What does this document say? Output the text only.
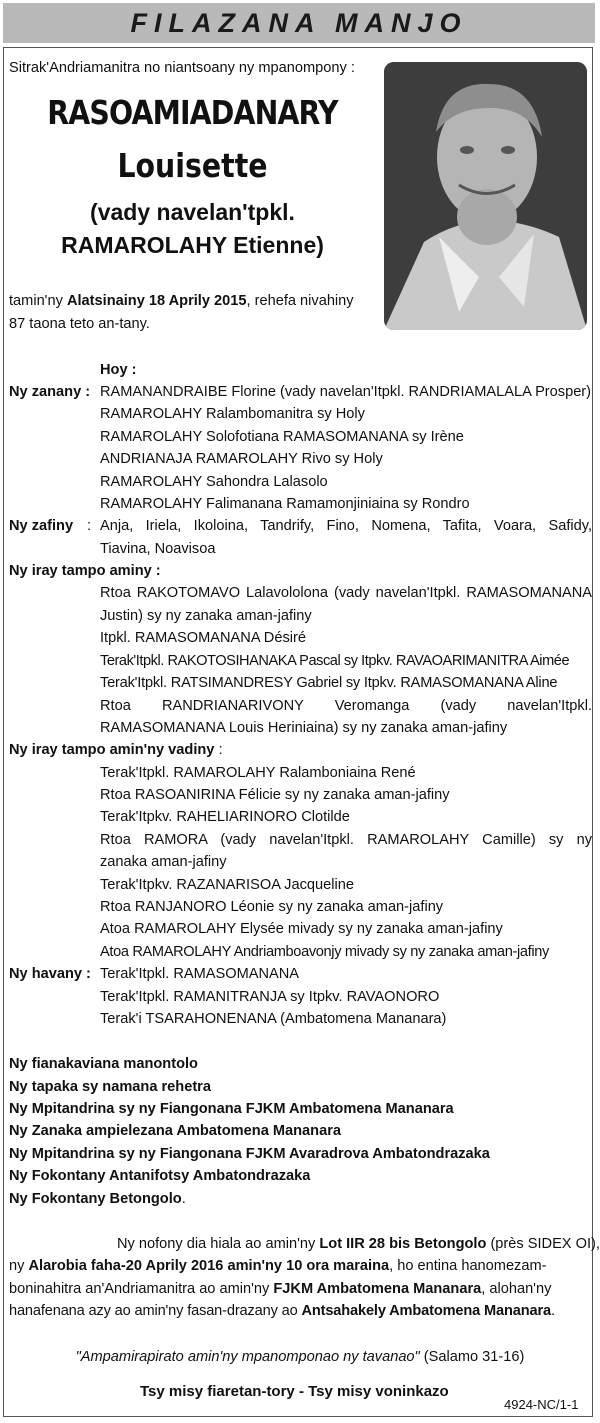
FILAZANA MANJO
Sitrak'Andriamanitra no niantsoany ny mpanompony :
RASOAMIADANARY
Louisette
(vady navelan'tpkl.
RAMAROLAHY Etienne)
tamin'ny Alatsinainy 18 Aprily 2015, rehefa nivahiny
87 taona teto an-tany.
Hoy :
Ny zanany : RAMANANDRAIBE Florine (vady navelan'Itpkl. RANDRIAMALALA Prosper)
RAMAROLAHY Ralambomanitra sy Holy
RAMAROLAHY Solofotiana RAMASOMANANA sy Irène
ANDRIANAJA RAMAROLAHY Rivo sy Holy
RAMAROLAHY Sahondra Lalasolo
RAMAROLAHY Falimanana Ramamonjiniaina sy Rondro
Ny zafiny : Anja, Iriela, Ikoloina, Tandrify, Fino, Nomena, Tafita, Voara, Safidy,
Tiavina, Noavisoa
Ny iray tampo aminy :
Rtoa RAKOTOMAVO Lalavololona (vady navelan'Itpkl. RAMASOMANANA
Justin) sy ny zanaka aman-jafiny
Itpkl. RAMASOMANANA Désiré
Terak'Itpkl. RAKOTOSIHANAKA Pascal sy Itpkv. RAVAOARIMANITRA Aimée
Terak'Itpkl. RATSIMANDRESY Gabriel sy Itpkv. RAMASOMANANA Aline
Rtoa RANDRIANARIVONY Veromanga (vady navelan'Itpkl.
RAMASOMANANA Louis Heriniaina) sy ny zanaka aman-jafiny
Ny iray tampo amin'ny vadiny :
Terak'Itpkl. RAMAROLAHY Ralamboniaina René
Rtoa RASOANIRINA Félicie sy ny zanaka aman-jafiny
Terak'Itpkv. RAHELIARINORO Clotilde
Rtoa RAMORA (vady navelan'Itpkl. RAMAROLAHY Camille) sy ny
zanaka aman-jafiny
Terak'Itpkv. RAZANARISOA Jacqueline
Rtoa RANJANORO Léonie sy ny zanaka aman-jafiny
Atoa RAMAROLAHY Elysée mivady sy ny zanaka aman-jafiny
Atoa RAMAROLAHY Andriamboavonjy mivady sy ny zanaka aman-jafiny
Ny havany : Terak'Itpkl. RAMASOMANANA
Terak'Itpkl. RAMANITRANJA sy Itpkv. RAVAONORO
Terak'i TSARAHONENANA (Ambatomena Mananara)
Ny fianakaviana manontolo
Ny tapaka sy namana rehetra
Ny Mpitandrina sy ny Fiangonana FJKM Ambatomena Mananara
Ny Zanaka ampielezana Ambatomena Mananara
Ny Mpitandrina sy ny Fiangonana FJKM Avaradrova Ambatondrazaka
Ny Fokontany Antanifotsy Ambatondrazaka
Ny Fokontany Betongolo.
Ny nofony dia hiala ao amin'ny Lot IIR 28 bis Betongolo (près SIDEX OI),
ny Alarobia faha-20 Aprily 2016 amin'ny 10 ora maraina, ho entina hanomezam-
boninahitra an'Andriamanitra ao amin'ny FJKM Ambatomena Mananara, alohan'ny
hanafenana azy ao amin'ny fasan-drazany ao Antsahakely Ambatomena Mananara.
"Ampamirapirato amin'ny mpanomponao ny tavanao" (Salamo 31-16)
Tsy misy fiaretan-tory - Tsy misy voninkazo
4924-NC/1-1
